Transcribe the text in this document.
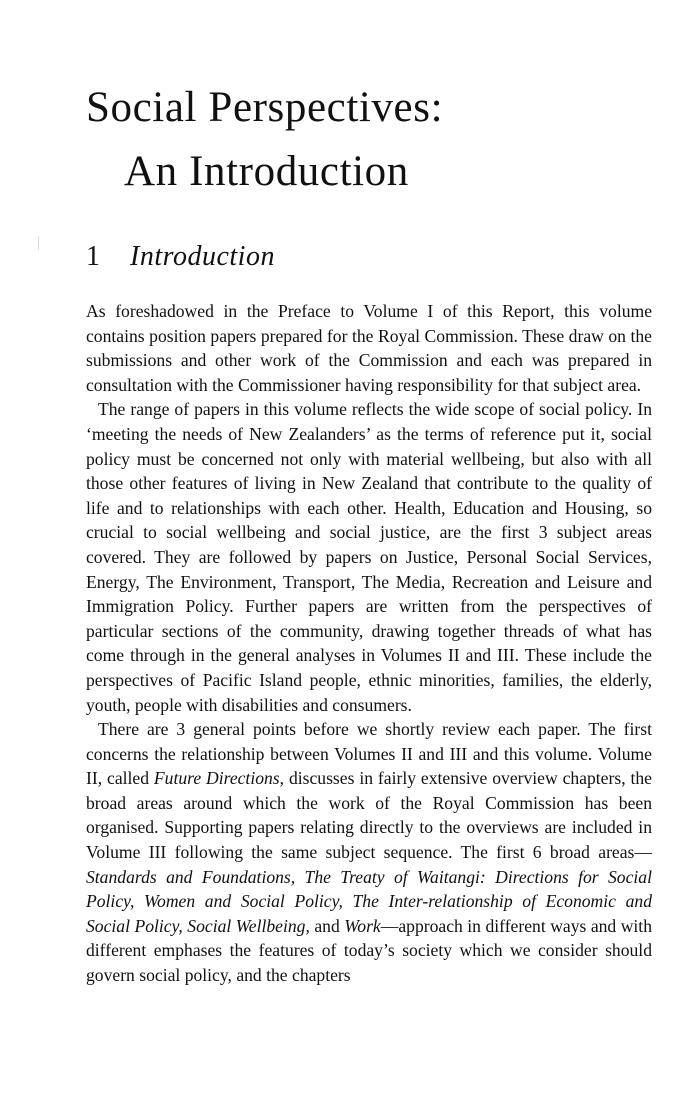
Social Perspectives:
An Introduction
1 Introduction

As foreshadowed in the Preface to Volume I of this Report, this volume contains position papers prepared for the Royal Commission. These draw on the submissions and other work of the Commission and each was prepared in consultation with the Commissioner having responsibility for that subject area.

The range of papers in this volume reflects the wide scope of social policy. In ‘meeting the needs of New Zealanders’ as the terms of reference put it, social policy must be concerned not only with material wellbeing, but also with all those other features of living in New Zealand that contribute to the quality of life and to relationships with each other. Health, Education and Housing, so crucial to social wellbeing and social justice, are the first 3 subject areas covered. They are followed by papers on Justice, Personal Social Services, Energy, The Environment, Transport, The Media, Recreation and Leisure and Immigration Policy. Further papers are written from the perspectives of particular sections of the community, drawing together threads of what has come through in the general analyses in Volumes II and III. These include the perspectives of Pacific Island people, ethnic minorities, families, the elderly, youth, people with disabilities and consumers.

There are 3 general points before we shortly review each paper. The first concerns the relationship between Volumes II and III and this volume. Volume II, called Future Directions, discusses in fairly extensive overview chapters, the broad areas around which the work of the Royal Commission has been organised. Supporting papers relating directly to the overviews are included in Volume III following the same subject sequence. The first 6 broad areas—Standards and Foundations, The Treaty of Waitangi: Directions for Social Policy, Women and Social Policy, The Inter-relationship of Economic and Social Policy, Social Wellbeing, and Work—approach in different ways and with different emphases the features of today’s society which we consider should govern social policy, and the chapters
